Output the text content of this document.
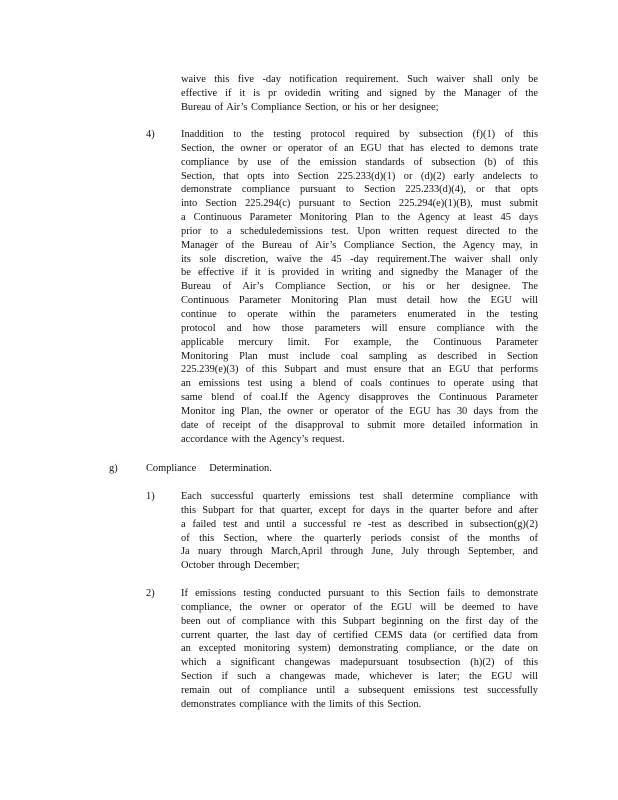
waive this five -day notification requirement. Such waiver shall only be
effective if it is pr ovidedin writing and signed by the Manager of the
Bureau of Air’s Compliance Section, or his or her designee;
4)	Inaddition to the testing protocol required by subsection (f)(1) of this
Section, the owner or operator of an EGU that has elected to demons trate
compliance by use of the emission standards of subsection (b) of this
Section, that opts into Section 225.233(d)(1) or (d)(2) early andelects to
demonstrate compliance pursuant to Section 225.233(d)(4), or that opts
into Section 225.294(c) pursuant to Section 225.294(e)(1)(B), must submit
a Continuous Parameter Monitoring Plan to the Agency at least 45 days
prior to a scheduledemissions test. Upon written request directed to the
Manager of the Bureau of Air’s Compliance Section, the Agency may, in
its sole discretion, waive the 45 -day requirement.The waiver shall only
be effective if it is provided in writing and signedby the Manager of the
Bureau of Air’s Compliance Section, or his or her designee. The
Continuous Parameter Monitoring Plan must detail how the EGU will
continue to operate within the parameters enumerated in the testing
protocol and how those parameters will ensure compliance with the
applicable mercury limit. For example, the Continuous Parameter
Monitoring Plan must include coal sampling as described in Section
225.239(e)(3) of this Subpart and must ensure that an EGU that performs
an emissions test using a blend of coals continues to operate using that
same blend of coal.If the Agency disapproves the Continuous Parameter
Monitor ing Plan, the owner or operator of the EGU has 30 days from the
date of receipt of the disapproval to submit more detailed information in
accordance with the Agency’s request.
g)	Compliance     Determination.
1)	Each successful quarterly emissions test shall determine compliance with
this Subpart for that quarter, except for days in the quarter before and after
a failed test and until a successful re -test as described in subsection(g)(2)
of this Section, where the quarterly periods consist of the months of
Ja nuary through March,April through June, July through September, and
October through December;
2)	If emissions testing conducted pursuant to this Section fails to demonstrate
compliance, the owner or operator of the EGU will be deemed to have
been out of compliance with this Subpart beginning on the first day of the
current quarter, the last day of certified CEMS data (or certified data from
an excepted monitoring system) demonstrating compliance, or the date on
which a significant changewas madepursuant tosubsection (h)(2) of this
Section if such a changewas made, whichever is later; the EGU will
remain out of compliance until a subsequent emissions test successfully
demonstrates compliance with the limits of this Section.
